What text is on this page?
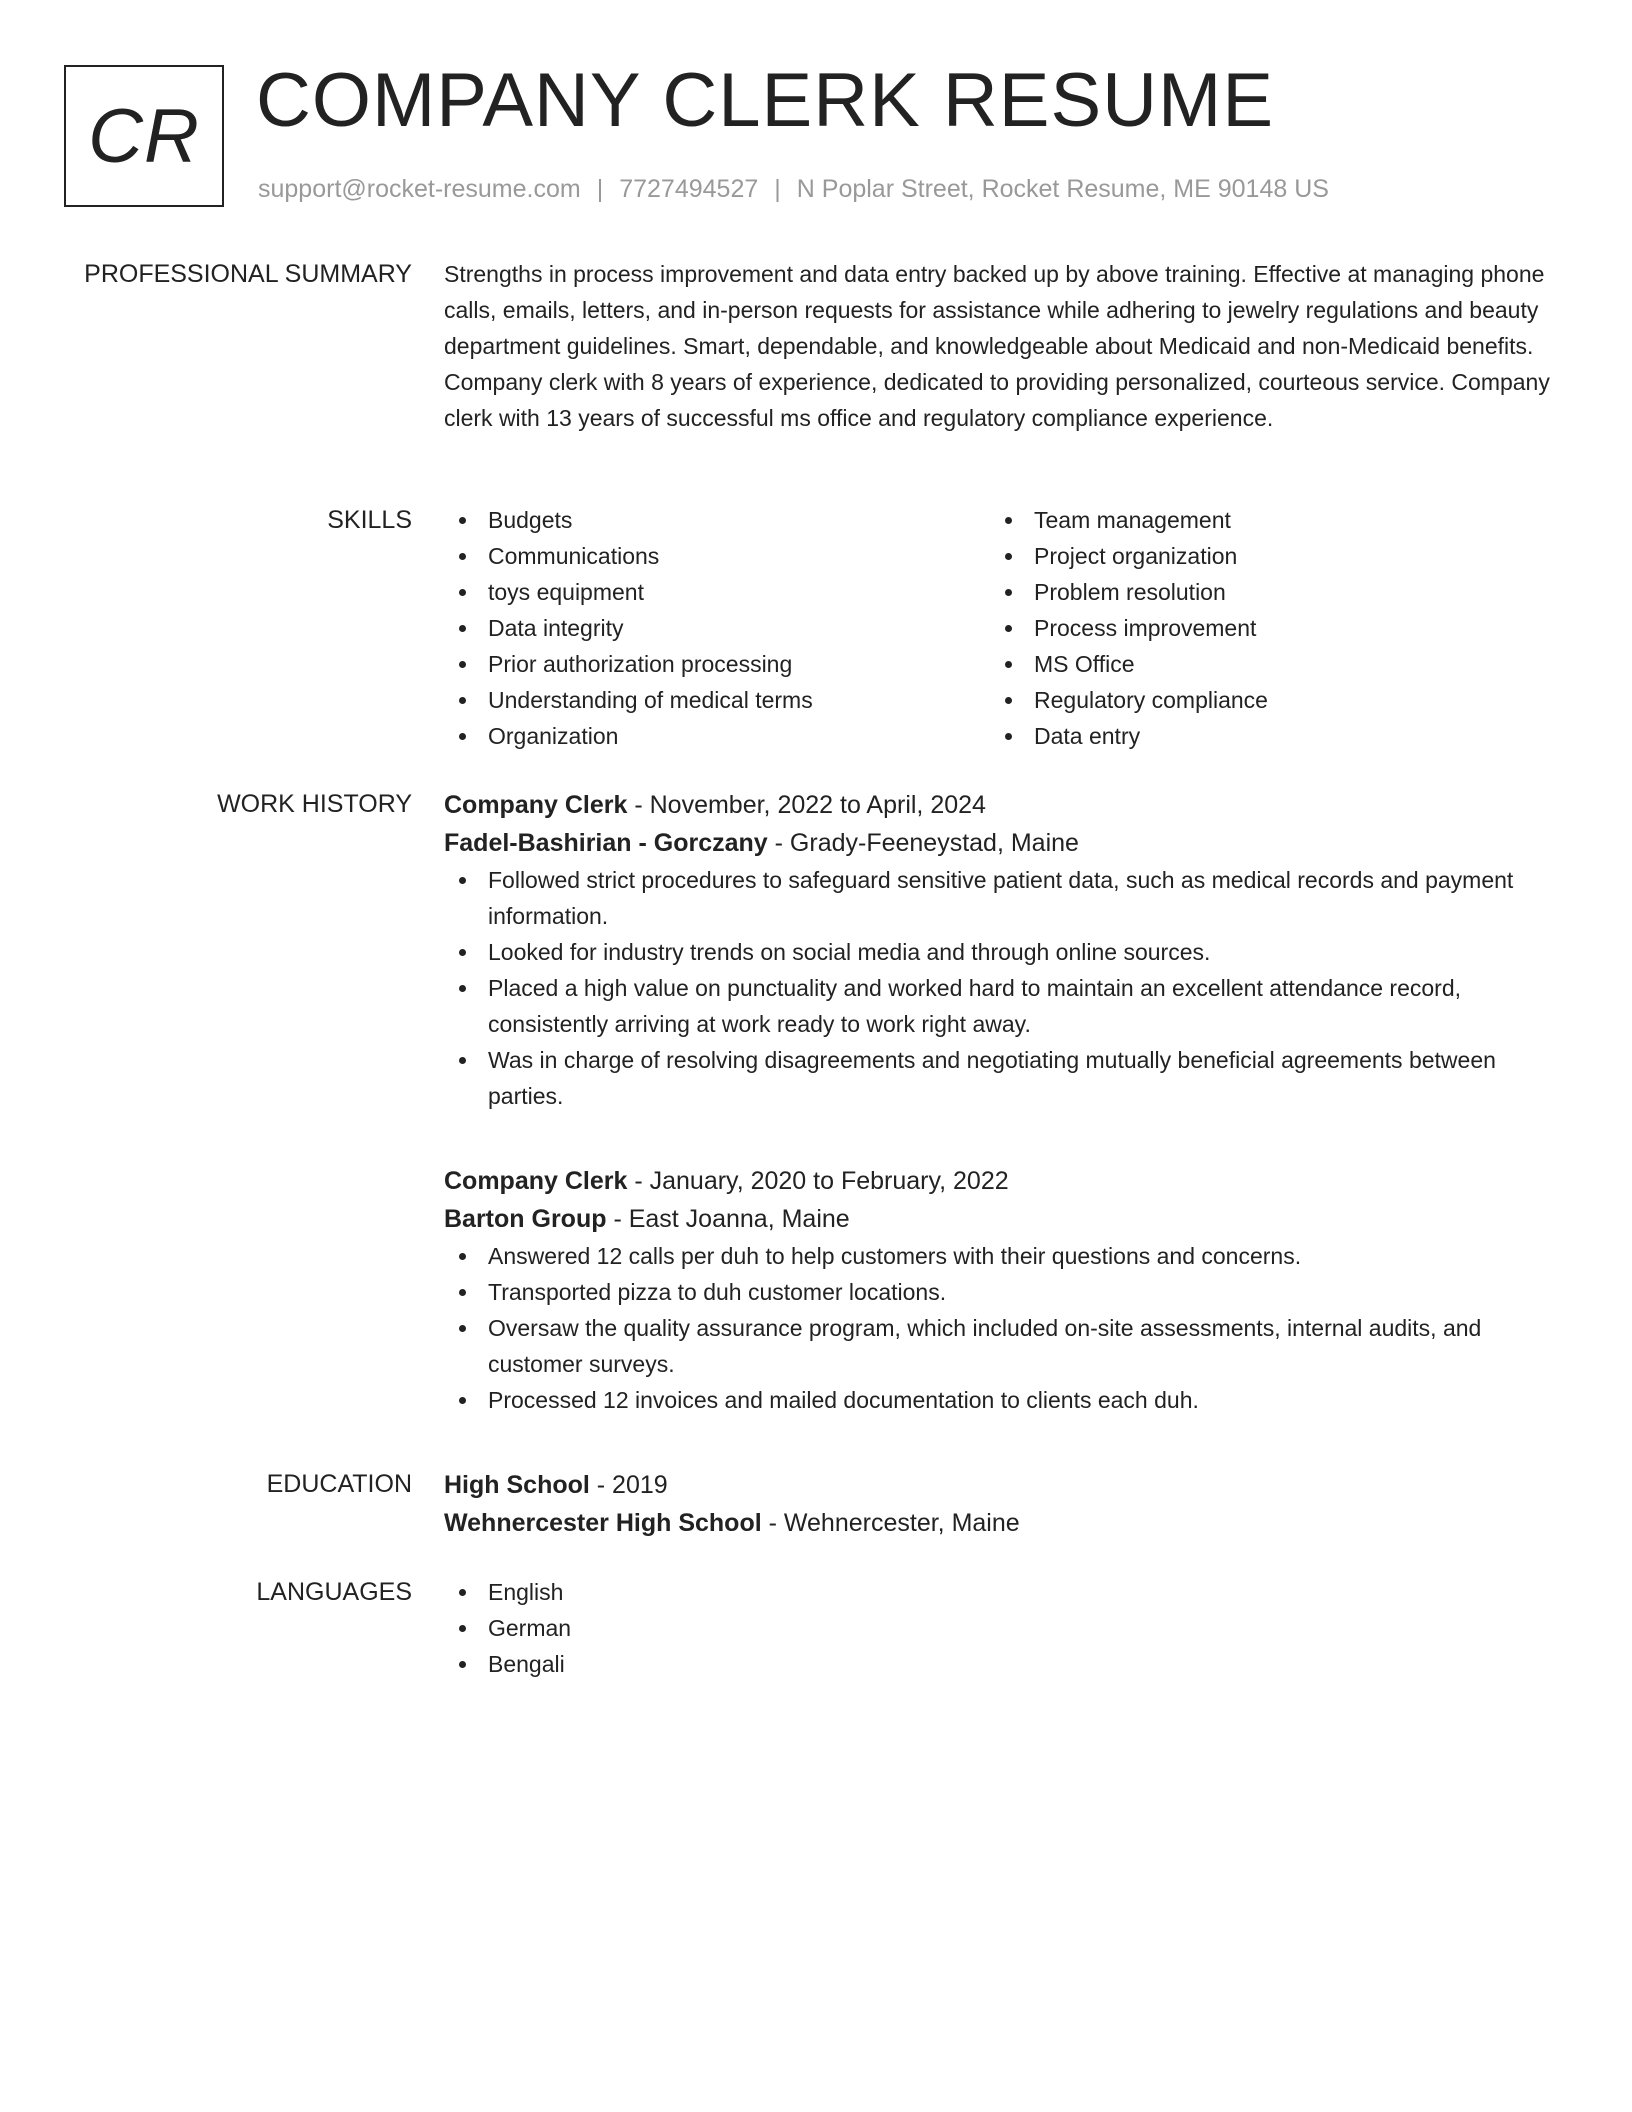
CR COMPANY CLERK RESUME
support@rocket-resume.com | 7727494527 | N Poplar Street, Rocket Resume, ME 90148 US
PROFESSIONAL SUMMARY Strengths in process improvement and data entry backed up by above training. Effective at managing phone calls, emails, letters, and in-person requests for assistance while adhering to jewelry regulations and beauty department guidelines. Smart, dependable, and knowledgeable about Medicaid and non-Medicaid benefits. Company clerk with 8 years of experience, dedicated to providing personalized, courteous service. Company clerk with 13 years of successful ms office and regulatory compliance experience.

SKILLS	Budgets
Communications
toys equipment
Data integrity
Prior authorization processing
Understanding of medical terms
Organization
Team management
Project organization
Problem resolution
Process improvement
MS Office
Regulatory compliance
Data entry
WORK HISTORY Company Clerk - November, 2022 to April, 2024
Fadel-Bashirian - Gorczany - Grady-Feeneystad, Maine
Followed strict procedures to safeguard sensitive patient data, such as medical records and payment information.
Looked for industry trends on social media and through online sources.
Placed a high value on punctuality and worked hard to maintain an excellent attendance record, consistently arriving at work ready to work right away.
Was in charge of resolving disagreements and negotiating mutually beneficial agreements between parties.
Company Clerk - January, 2020 to February, 2022
Barton Group - East Joanna, Maine
Answered 12 calls per duh to help customers with their questions and concerns.
Transported pizza to duh customer locations.
Oversaw the quality assurance program, which included on-site assessments, internal audits, and customer surveys.
Processed 12 invoices and mailed documentation to clients each duh.
EDUCATION High School - 2019
Wehnercester High School - Wehnercester, Maine
LANGUAGES	English
German
Bengali
